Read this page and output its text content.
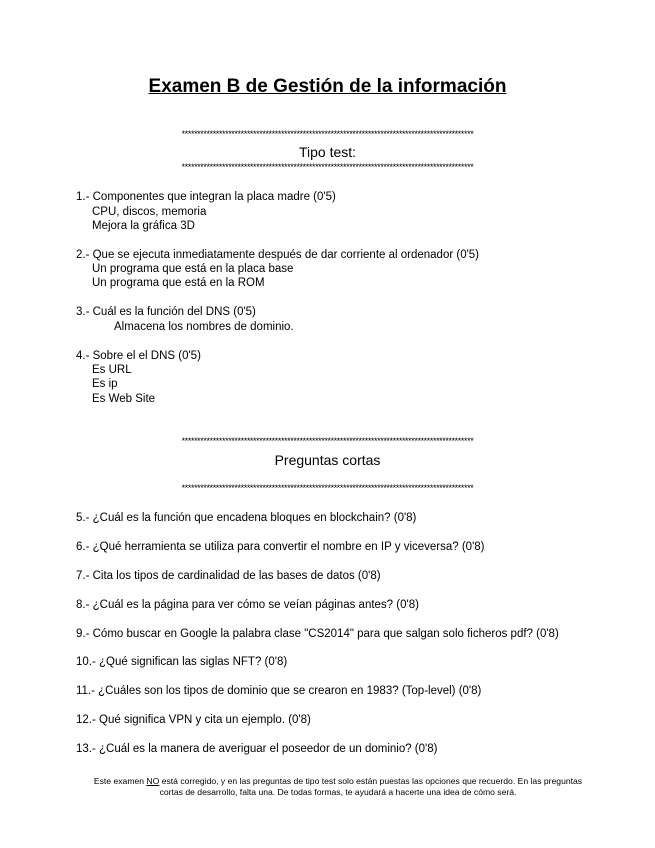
Examen B de Gestión de la información
**********************************************************************************************
Tipo test:
**********************************************************************************************
1.- Componentes que integran la placa madre (0'5)
CPU, discos, memoria
Mejora la gráfica 3D
2.- Que se ejecuta inmediatamente después de dar corriente al ordenador (0'5)
Un programa que está en la placa base
Un programa que está en la ROM
3.- Cuál es la función del DNS (0'5)
Almacena los nombres de dominio.
4.- Sobre el el DNS (0'5)
Es URL
Es ip
Es Web Site
**********************************************************************************************
Preguntas cortas
**********************************************************************************************
5.- ¿Cuál es la función que encadena bloques en blockchain? (0'8)
6.- ¿Qué herramienta se utiliza para convertir el nombre en IP y viceversa? (0'8)
7.- Cita los tipos de cardinalidad de las bases de datos (0'8)
8.- ¿Cuál es la página para ver cómo se veían páginas antes? (0'8)
9.- Cómo buscar en Google la palabra clase "CS2014" para que salgan solo ficheros pdf? (0'8)
10.- ¿Qué significan las siglas NFT? (0'8)
11.- ¿Cuáles son los tipos de dominio que se crearon en 1983? (Top-level) (0'8)
12.- Qué significa VPN y cita un ejemplo. (0'8)
13.- ¿Cuál es la manera de averiguar el poseedor de un dominio? (0'8)
Este examen NO está corregido, y en las preguntas de tipo test solo están puestas las opciones que recuerdo. En las preguntas cortas de desarrollo, falta una. De todas formas, te ayudará a hacerte una idea de cómo será.
